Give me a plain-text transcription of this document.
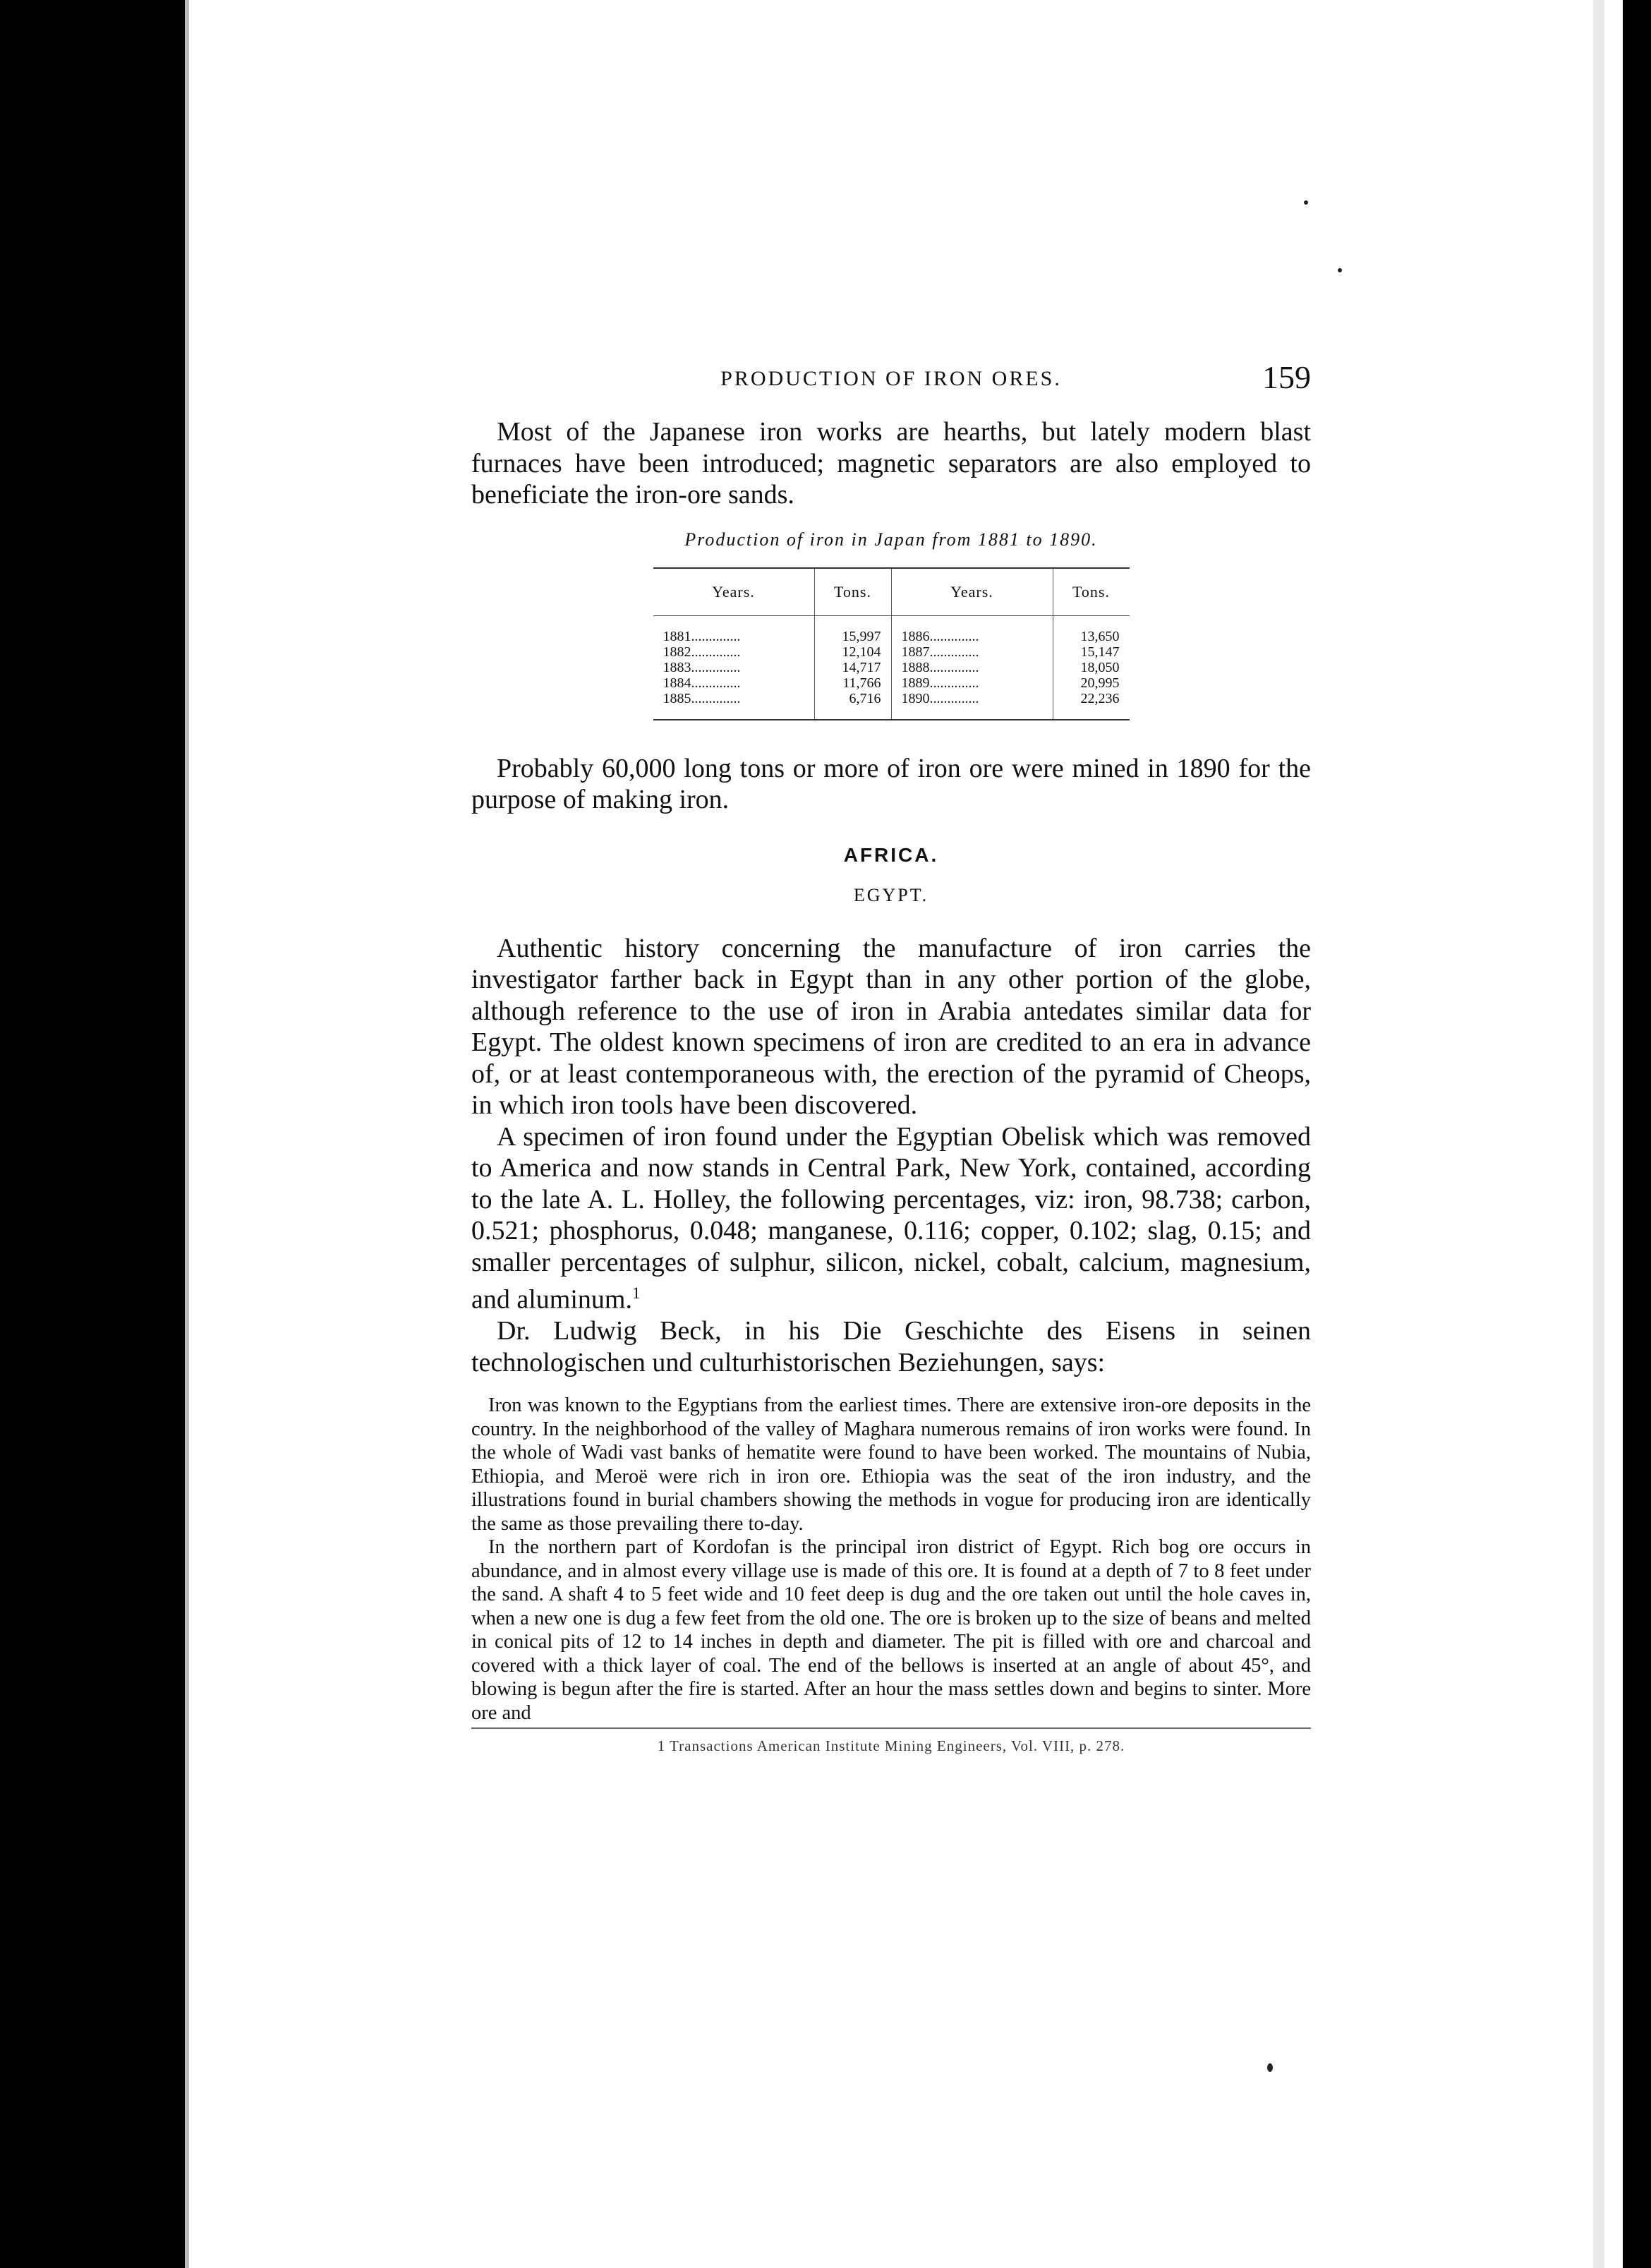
PRODUCTION OF IRON ORES.	159

Most of the Japanese iron works are hearths, but lately modern blast furnaces have been introduced; magnetic separators are also employed to beneficiate the iron-ore sands.

Production of iron in Japan from 1881 to 1890.
Years.	Tons.	Years.	Tons.
1881..............	15,997	1886..............	13,650
1882..............	12,104	1887..............	15,147
1883..............	14,717	1888..............	18,050
1884..............	11,766	1889..............	20,995
1885..............	6,716	1890..............	22,236

Probably 60,000 long tons or more of iron ore were mined in 1890 for the purpose of making iron.

AFRICA.
EGYPT.

Authentic history concerning the manufacture of iron carries the investigator farther back in Egypt than in any other portion of the globe, although reference to the use of iron in Arabia antedates similar data for Egypt. The oldest known specimens of iron are credited to an era in advance of, or at least contemporaneous with, the erection of the pyramid of Cheops, in which iron tools have been discovered.

A specimen of iron found under the Egyptian Obelisk which was removed to America and now stands in Central Park, New York, contained, according to the late A. L. Holley, the following percentages, viz: iron, 98.738; carbon, 0.521; phosphorus, 0.048; manganese, 0.116; copper, 0.102; slag, 0.15; and smaller percentages of sulphur, silicon, nickel, cobalt, calcium, magnesium, and aluminum.$^1$

Dr. Ludwig Beck, in his Die Geschichte des Eisens in seinen technologischen und culturhistorischen Beziehungen, says:

Iron was known to the Egyptians from the earliest times. There are extensive iron-ore deposits in the country. In the neighborhood of the valley of Maghara numerous remains of iron works were found. In the whole of Wadi vast banks of hematite were found to have been worked. The mountains of Nubia, Ethiopia, and Meroë were rich in iron ore. Ethiopia was the seat of the iron industry, and the illustrations found in burial chambers showing the methods in vogue for producing iron are identically the same as those prevailing there to-day.

In the northern part of Kordofan is the principal iron district of Egypt. Rich bog ore occurs in abundance, and in almost every village use is made of this ore. It is found at a depth of 7 to 8 feet under the sand. A shaft 4 to 5 feet wide and 10 feet deep is dug and the ore taken out until the hole caves in, when a new one is dug a few feet from the old one. The ore is broken up to the size of beans and melted in conical pits of 12 to 14 inches in depth and diameter. The pit is filled with ore and charcoal and covered with a thick layer of coal. The end of the bellows is inserted at an angle of about 45°, and blowing is begun after the fire is started. After an hour the mass settles down and begins to sinter. More ore and

1 Transactions American Institute Mining Engineers, Vol. VIII, p. 278.
